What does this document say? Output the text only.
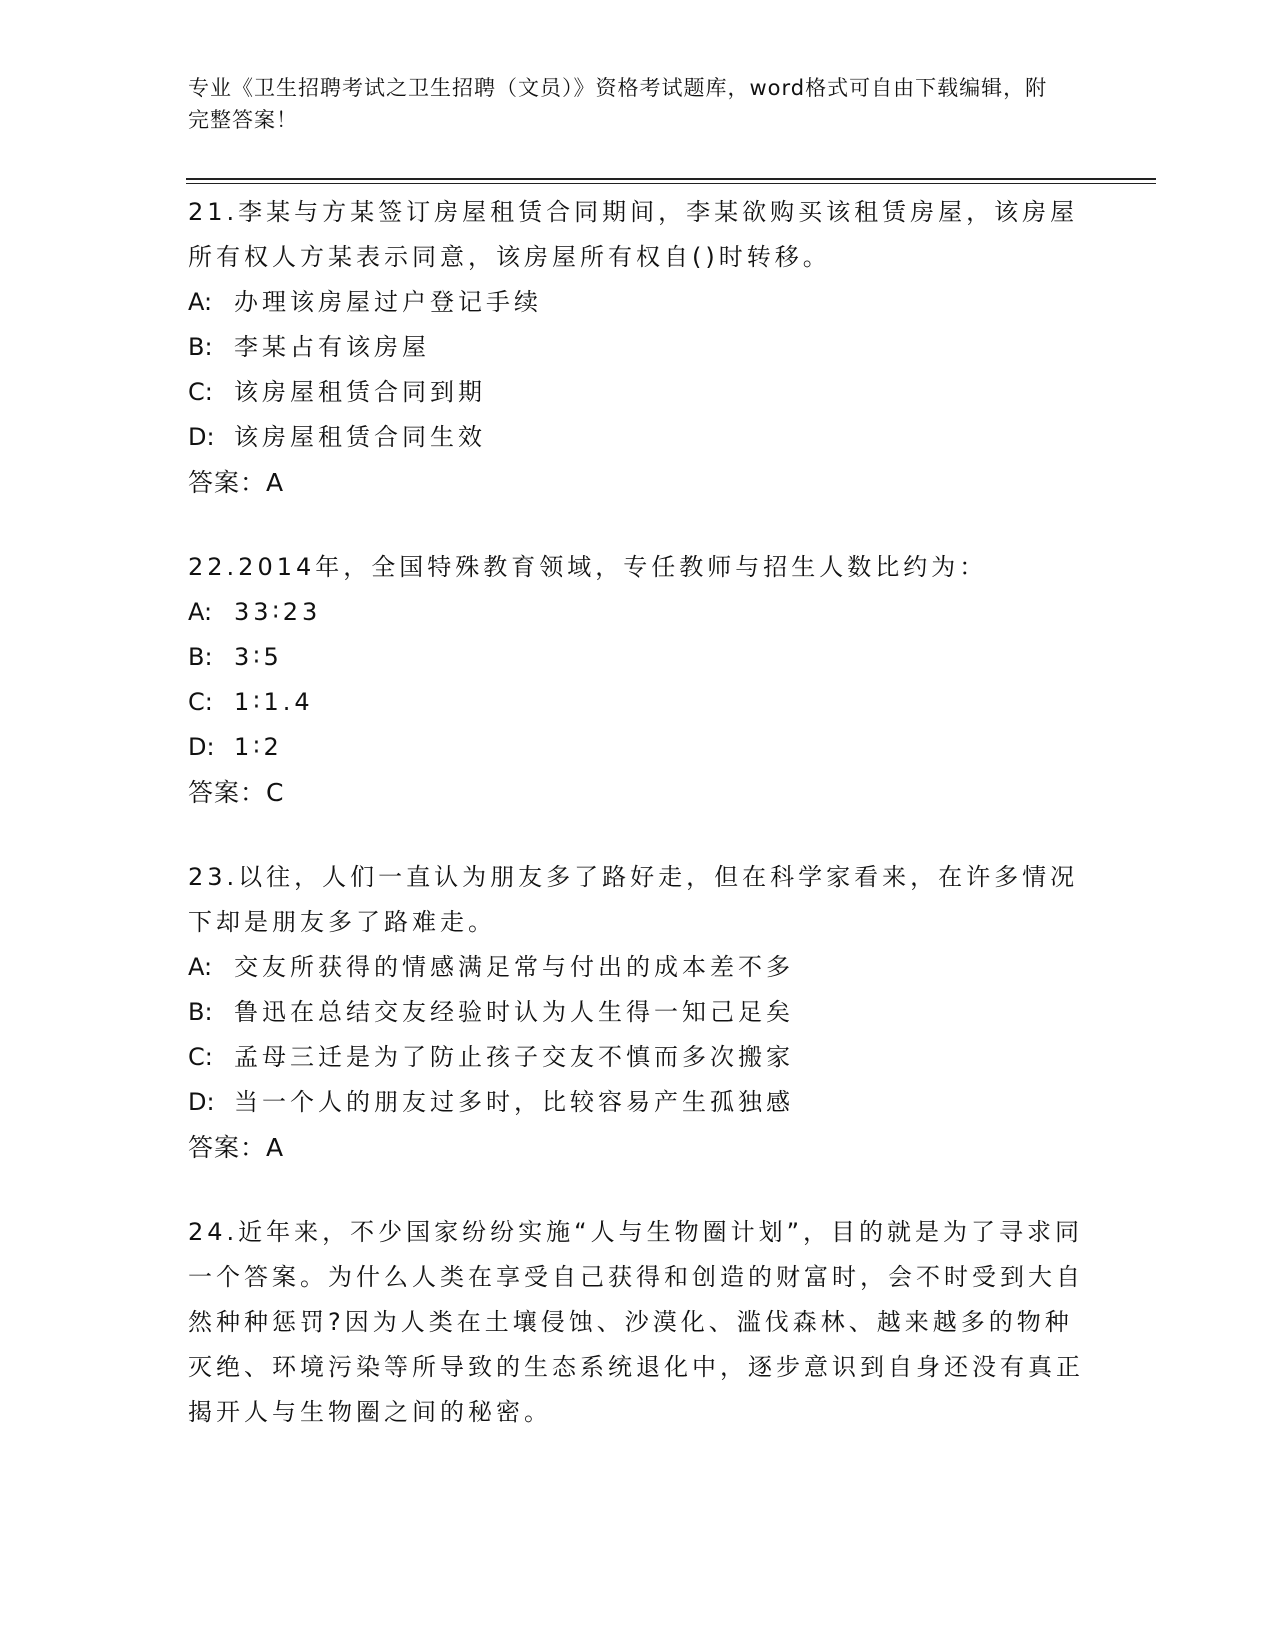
专业《卫生招聘考试之卫生招聘（文员）》资格考试题库，word格式可自由下载编辑，附完整答案！

21.李某与方某签订房屋租赁合同期间，李某欲购买该租赁房屋，该房屋所有权人方某表示同意，该房屋所有权自()时转移。

A: 办理该房屋过户登记手续

B: 李某占有该房屋

C: 该房屋租赁合同到期

D: 该房屋租赁合同生效

答案：A

22.2014年，全国特殊教育领域，专任教师与招生人数比约为：

A: 33∶23

B: 3∶5

C: 1∶1.4

D: 1∶2

答案：C

23.以往，人们一直认为朋友多了路好走，但在科学家看来，在许多情况下却是朋友多了路难走。

A: 交友所获得的情感满足常与付出的成本差不多

B: 鲁迅在总结交友经验时认为人生得一知己足矣

C: 孟母三迁是为了防止孩子交友不慎而多次搬家

D: 当一个人的朋友过多时，比较容易产生孤独感

答案：A

24.近年来，不少国家纷纷实施“人与生物圈计划”，目的就是为了寻求同一个答案。为什么人类在享受自己获得和创造的财富时，会不时受到大自然种种惩罚?因为人类在土壤侵蚀、沙漠化、滥伐森林、越来越多的物种灭绝、环境污染等所导致的生态系统退化中，逐步意识到自身还没有真正揭开人与生物圈之间的秘密。
